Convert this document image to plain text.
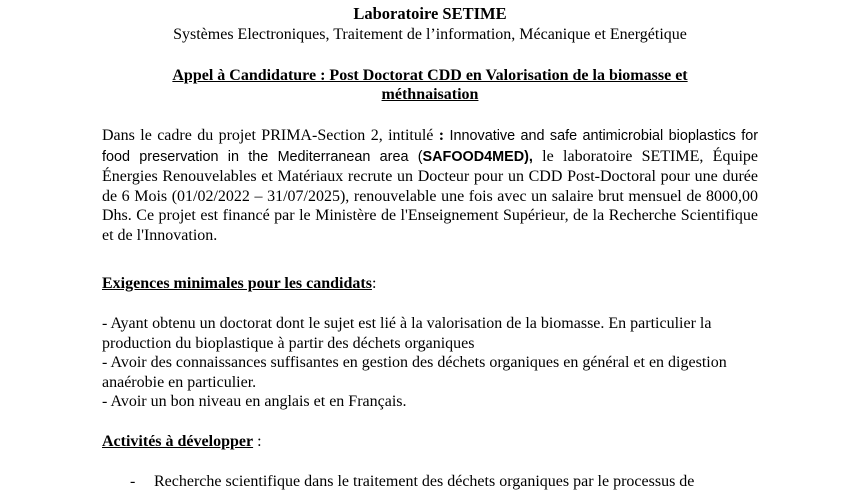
Laboratoire SETIME
Systèmes Electroniques, Traitement de l’information, Mécanique et Energétique
Appel à Candidature : Post Doctorat CDD en Valorisation de la biomasse et
méthnaisation
Dans le cadre du projet PRIMA-Section 2, intitulé : Innovative and safe antimicrobial bioplastics for food preservation in the Mediterranean area (SAFOOD4MED), le laboratoire SETIME, Équipe Énergies Renouvelables et Matériaux recrute un Docteur pour un CDD Post-Doctoral pour une durée de 6 Mois (01/02/2022 – 31/07/2025), renouvelable une fois avec un salaire brut mensuel de 8000,00 Dhs. Ce projet est financé par le Ministère de l'Enseignement Supérieur, de la Recherche Scientifique et de l'Innovation.
Exigences minimales pour les candidats:
- Ayant obtenu un doctorat dont le sujet est lié à la valorisation de la biomasse. En particulier la production du bioplastique à partir des déchets organiques
- Avoir des connaissances suffisantes en gestion des déchets organiques en général et en digestion anaérobie en particulier.
- Avoir un bon niveau en anglais et en Français.
Activités à développer :
- Recherche scientifique dans le traitement des déchets organiques par le processus de
